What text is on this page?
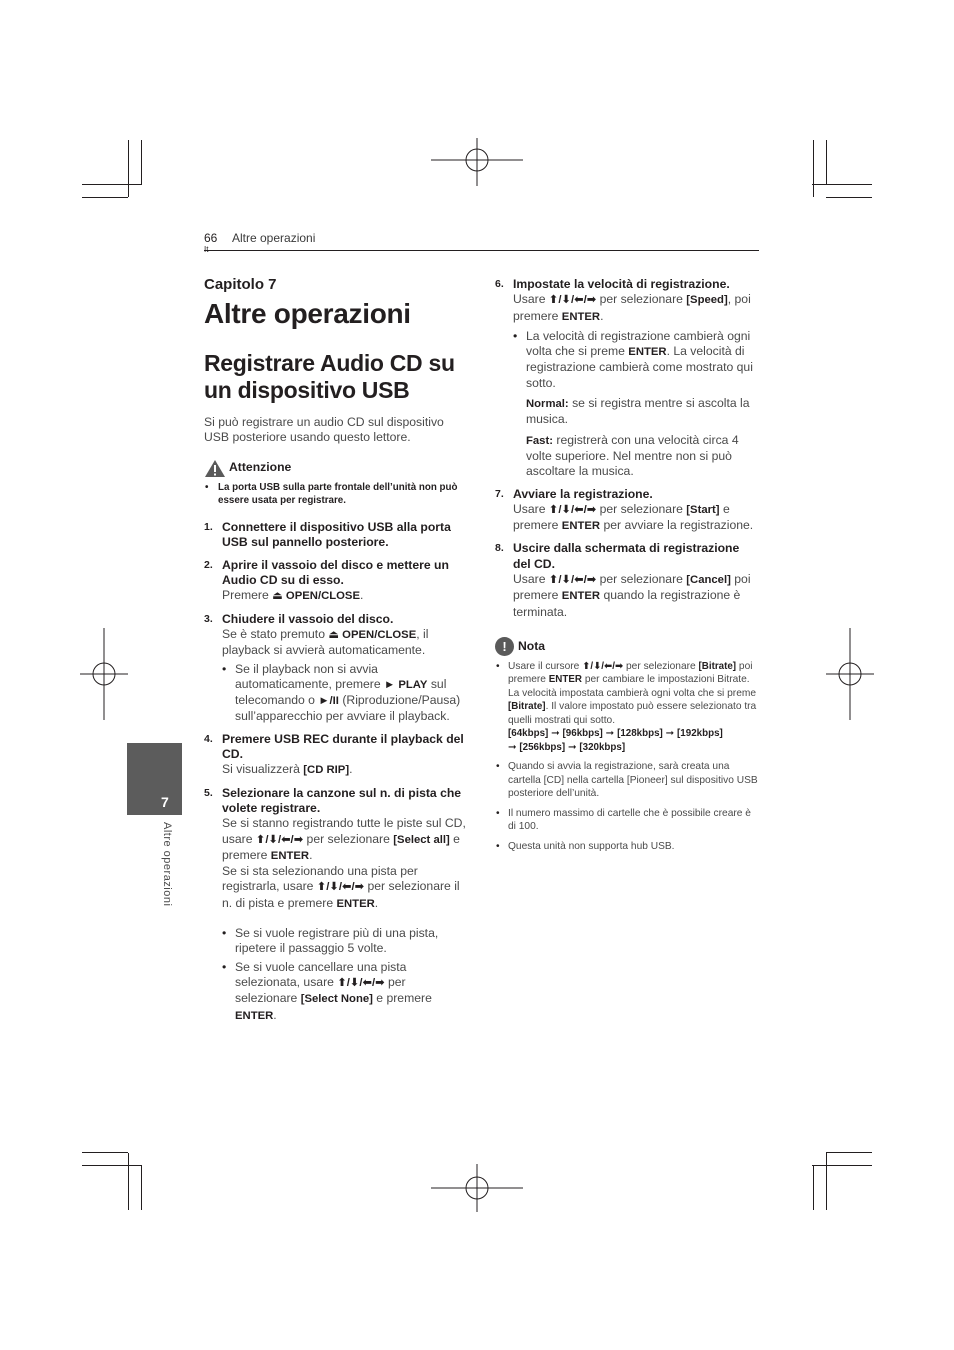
66 Altre operazioni
7
Altre operazioni
Capitolo 7
Altre operazioni
Registrare Audio CD su un dispositivo USB
Si può registrare un audio CD sul dispositivo USB posteriore usando questo lettore.
Attenzione
• La porta USB sulla parte frontale dell’unità non può essere usata per registrare.
1. Connettere il dispositivo USB alla porta USB sul pannello posteriore.
2. Aprire il vassoio del disco e mettere un Audio CD su di esso.
Premere ⏏ OPEN/CLOSE.
3. Chiudere il vassoio del disco.
Se è stato premuto ⏏ OPEN/CLOSE, il playback si avvierà automaticamente.
• Se il playback non si avvia automaticamente, premere ► PLAY sul telecomando o ►/II (Riproduzione/Pausa) sull’apparecchio per avviare il playback.
4. Premere USB REC durante il playback del CD.
Si visualizzerà [CD RIP].
5. Selezionare la canzone sul n. di pista che volete registrare.
Se si stanno registrando tutte le piste sul CD, usare ⬆/⬇/⬅/➡ per selezionare [Select all] e premere ENTER.
Se si sta selezionando una pista per registrarla, usare ⬆/⬇/⬅/➡ per selezionare il n. di pista e premere ENTER.
• Se si vuole registrare più di una pista, ripetere il passaggio 5 volte.
• Se si vuole cancellare una pista selezionata, usare ⬆/⬇/⬅/➡ per selezionare [Select None] e premere ENTER.
6. Impostate la velocità di registrazione.
Usare ⬆/⬇/⬅/➡ per selezionare [Speed], poi premere ENTER.
• La velocità di registrazione cambierà ogni volta che si preme ENTER. La velocità di registrazione cambierà come mostrato qui sotto.
Normal: se si registra mentre si ascolta la musica.
Fast: registrerà con una velocità circa 4 volte superiore. Nel mentre non si può ascoltare la musica.
7. Avviare la registrazione.
Usare ⬆/⬇/⬅/➡ per selezionare [Start] e premere ENTER per avviare la registrazione.
8. Uscire dalla schermata di registrazione del CD.
Usare ⬆/⬇/⬅/➡ per selezionare [Cancel] poi premere ENTER quando la registrazione è terminata.
! Nota
• Usare il cursore ⬆/⬇/⬅/➡ per selezionare [Bitrate] poi premere ENTER per cambiare le impostazioni Bitrate. La velocità impostata cambierà ogni volta che si preme [Bitrate]. Il valore impostato può essere selezionato tra quelli mostrati qui sotto.
[64kbps] ➞ [96kbps] ➞ [128kbps] ➞ [192kbps]
➞ [256kbps] ➞ [320kbps]
• Quando si avvia la registrazione, sarà creata una cartella [CD] nella cartella [Pioneer] sul dispositivo USB posteriore dell’unità.
• Il numero massimo di cartelle che è possibile creare è di 100.
• Questa unità non supporta hub USB.
